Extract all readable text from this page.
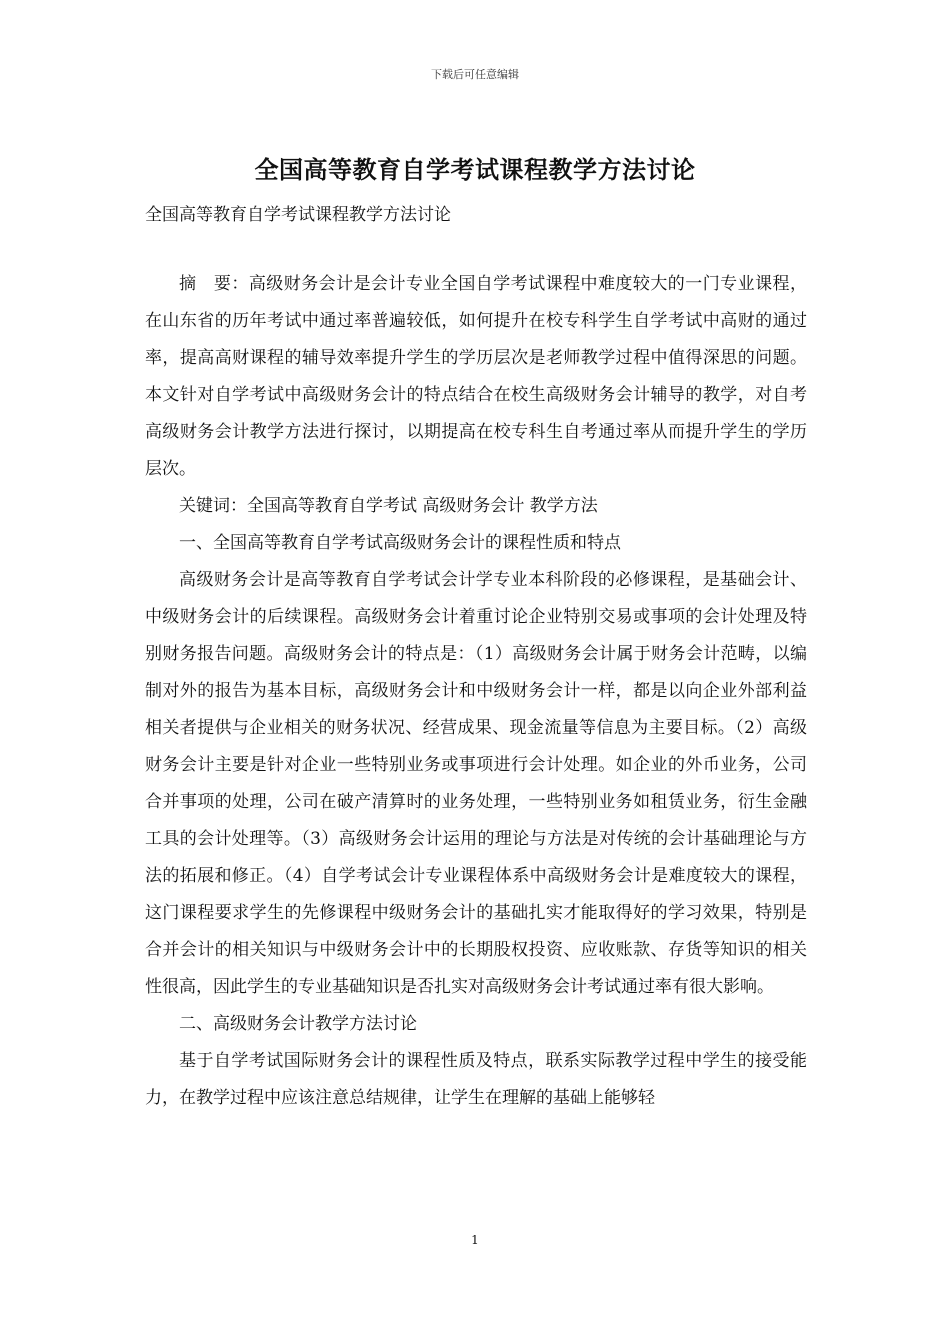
下载后可任意编辑
全国高等教育自学考试课程教学方法讨论
全国高等教育自学考试课程教学方法讨论

摘　要：高级财务会计是会计专业全国自学考试课程中难度较大的一门专业课程，在山东省的历年考试中通过率普遍较低，如何提升在校专科学生自学考试中高财的通过率，提高高财课程的辅导效率提升学生的学历层次是老师教学过程中值得深思的问题。本文针对自学考试中高级财务会计的特点结合在校生高级财务会计辅导的教学，对自考高级财务会计教学方法进行探讨，以期提高在校专科生自考通过率从而提升学生的学历层次。

关键词：全国高等教育自学考试 高级财务会计 教学方法

一、全国高等教育自学考试高级财务会计的课程性质和特点

高级财务会计是高等教育自学考试会计学专业本科阶段的必修课程，是基础会计、中级财务会计的后续课程。高级财务会计着重讨论企业特别交易或事项的会计处理及特别财务报告问题。高级财务会计的特点是：（1）高级财务会计属于财务会计范畴，以编制对外的报告为基本目标，高级财务会计和中级财务会计一样，都是以向企业外部利益相关者提供与企业相关的财务状况、经营成果、现金流量等信息为主要目标。（2）高级财务会计主要是针对企业一些特别业务或事项进行会计处理。如企业的外币业务，公司合并事项的处理，公司在破产清算时的业务处理，一些特别业务如租赁业务，衍生金融工具的会计处理等。（3）高级财务会计运用的理论与方法是对传统的会计基础理论与方法的拓展和修正。（4）自学考试会计专业课程体系中高级财务会计是难度较大的课程，这门课程要求学生的先修课程中级财务会计的基础扎实才能取得好的学习效果，特别是合并会计的相关知识与中级财务会计中的长期股权投资、应收账款、存货等知识的相关性很高，因此学生的专业基础知识是否扎实对高级财务会计考试通过率有很大影响。

二、高级财务会计教学方法讨论

基于自学考试国际财务会计的课程性质及特点，联系实际教学过程中学生的接受能力，在教学过程中应该注意总结规律，让学生在理解的基础上能够轻

1
